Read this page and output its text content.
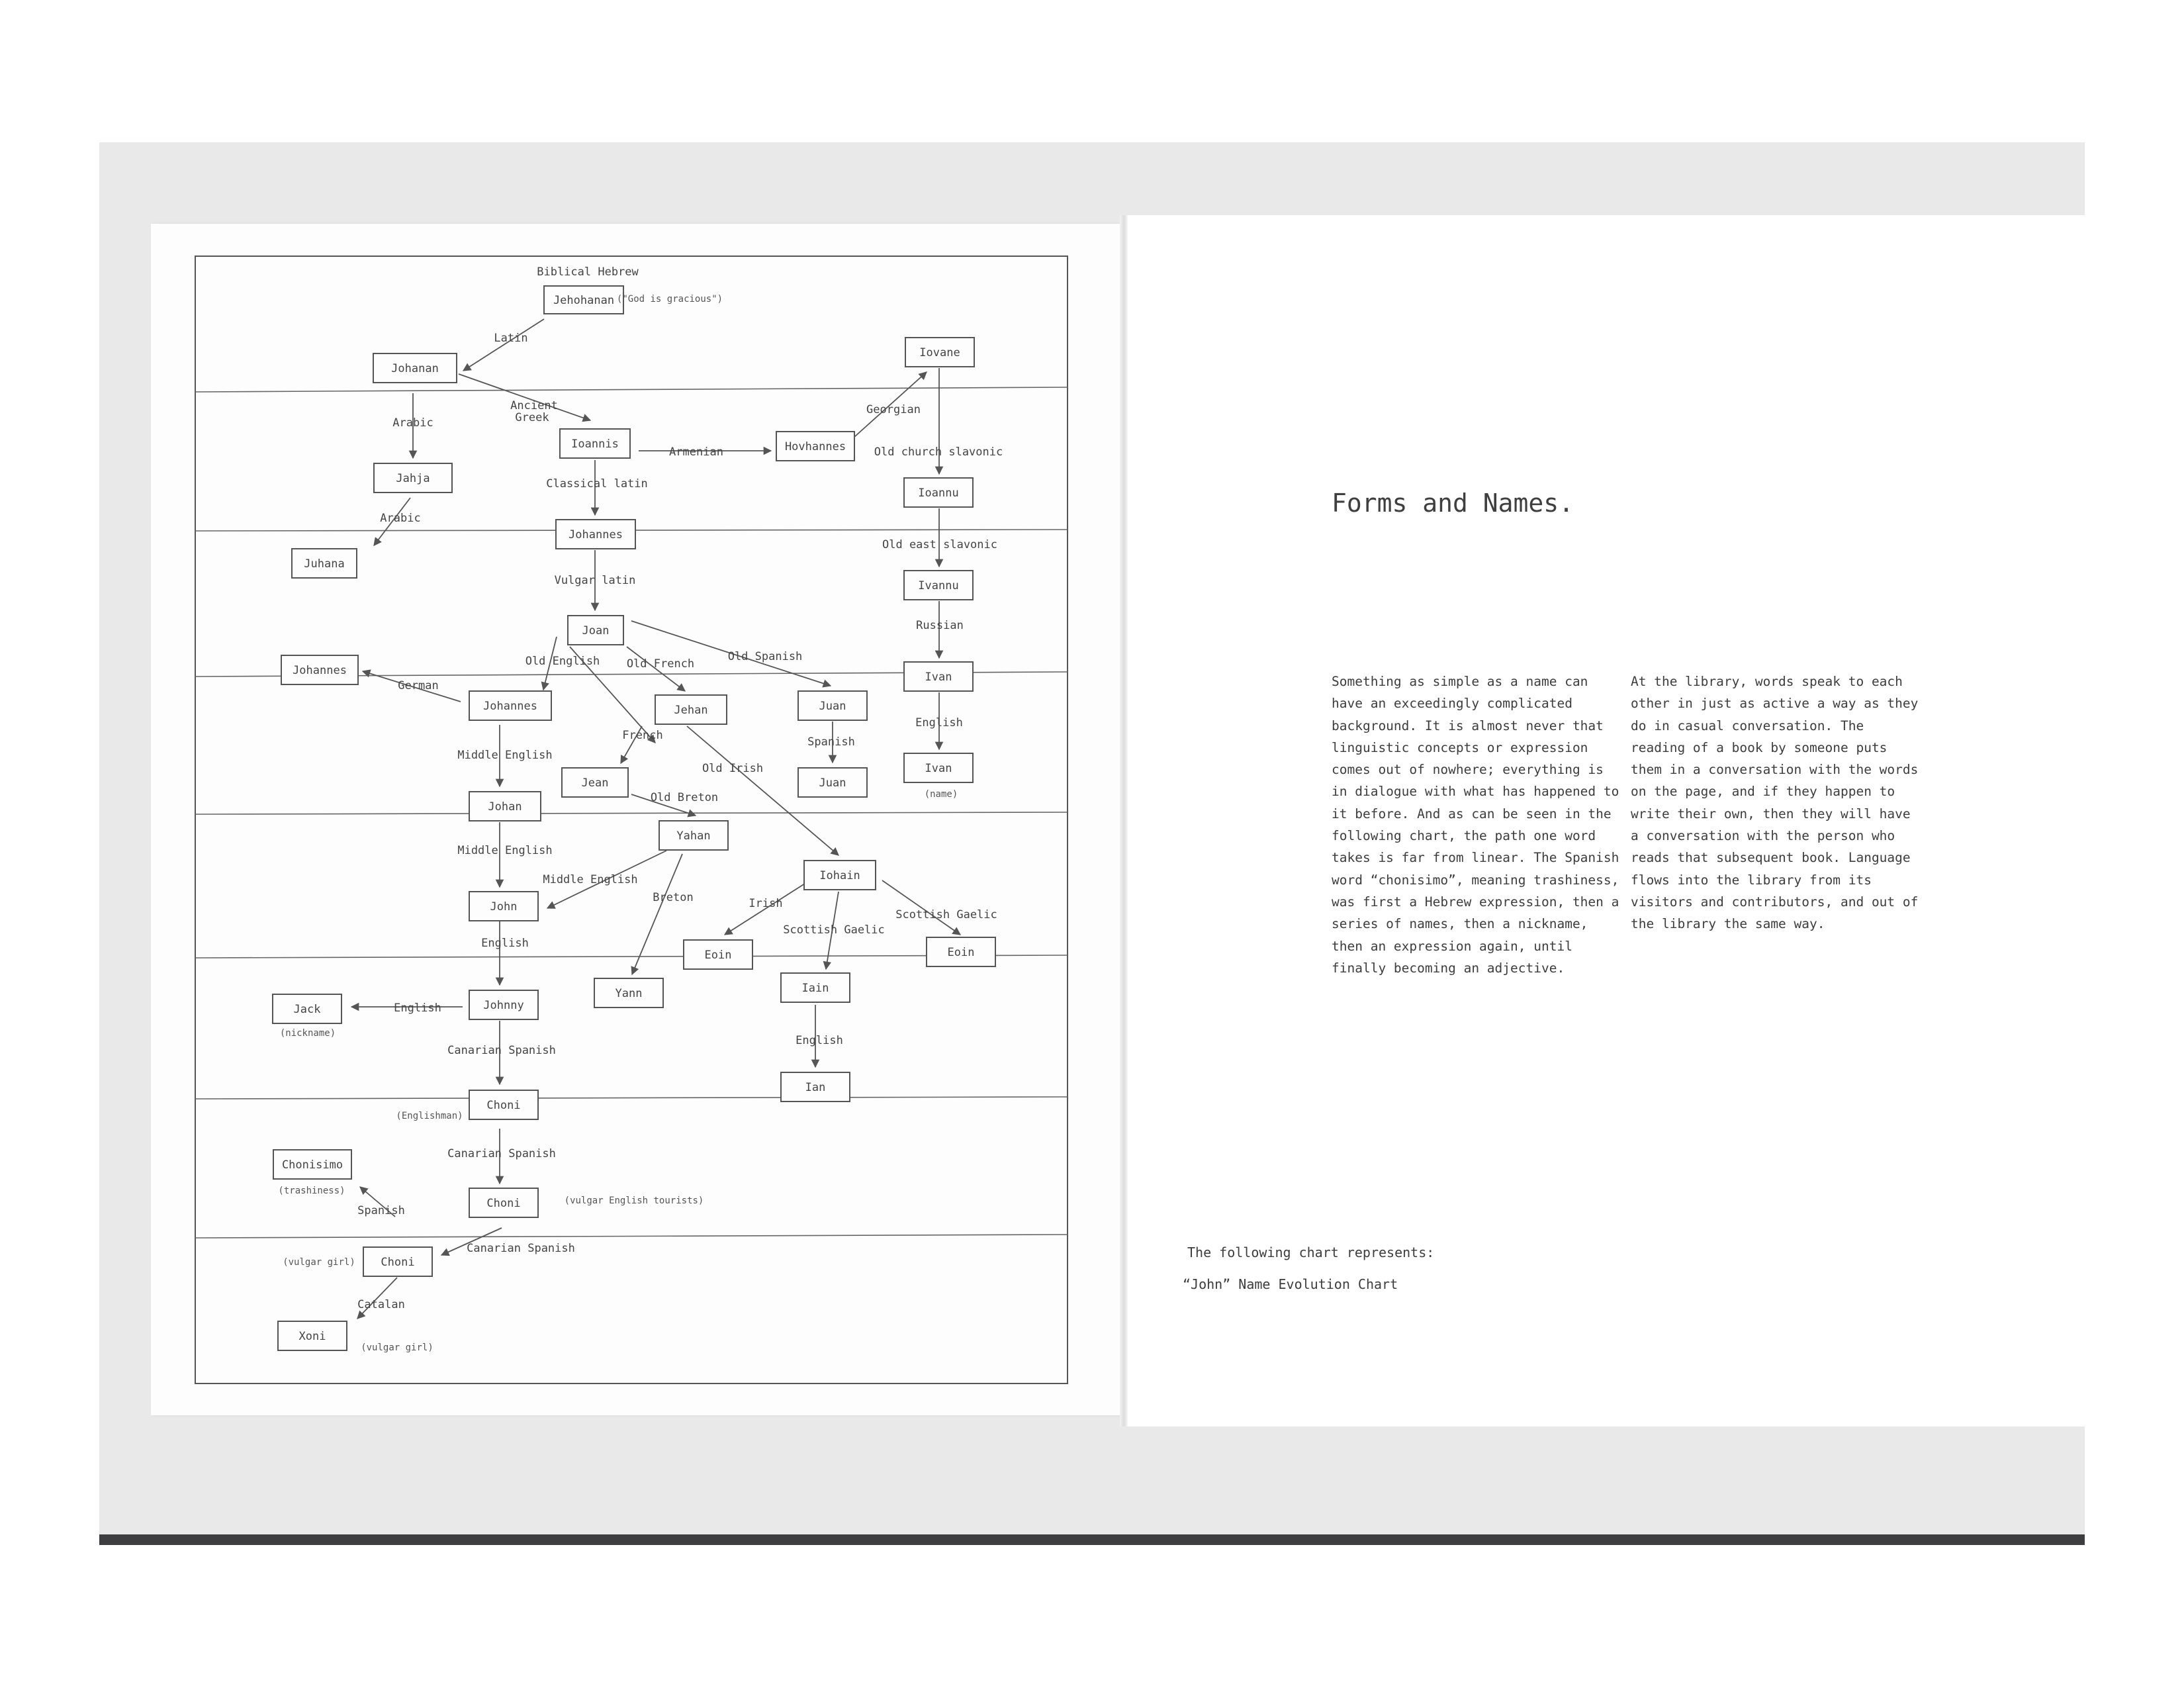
Jehohanan
Johanan
Iovane
Ioannis	Hovhannes
Jahja
Ioannu
Johannes
Juhana
Ivannu
Joan
Johannes	Ivan
Johannes	Jehan	Juan
Jean	Juan
Ivan
Johan
Yahan
Iohain
John
Eoin	Eoin
Jack	Johnny
Yann	Iain
Ian
Choni
Chonisimo
Choni
Choni
Xoni
Biblical Hebrew
Latin
Arabic
Ancient
Greek
Georgian
Armenian	Old church slavonic
Classical latin
Arabic
Old east slavonic
Vulgar latin
Russian
Old English Old French
Old Spanish
German
French	Spanish
English
Middle English
Old Irish
Old Breton
Middle English
Middle English
Breton	Irish
Scottish Gaelic
Scottish Gaelic
English
English
English
Canarian Spanish
Canarian Spanish
Spanish
Canarian Spanish
Catalan
("God is gracious")
(name)
(nickname)
(Englishman)
(trashiness)
(vulgar English tourists)
(vulgar girl)
(vulgar girl)
Forms and Names.

Something as simple as a name can have an exceedingly complicated background. It is almost never that linguistic concepts or expression comes out of nowhere; everything is in dialogue with what has happened to it before. And as can be seen in the following chart, the path one word takes is far from linear. The Spanish word “chonisimo”, meaning trashiness, was first a Hebrew expression, then a series of names, then a nickname, then an expression again, until finally becoming an adjective.

At the library, words speak to each other in just as active a way as they do in casual conversation. The reading of a book by someone puts them in a conversation with the words on the page, and if they happen to write their own, then they will have a conversation with the person who reads that subsequent book. Language flows into the library from its visitors and contributors, and out of the library the same way.

The following chart represents:
“John” Name Evolution Chart
